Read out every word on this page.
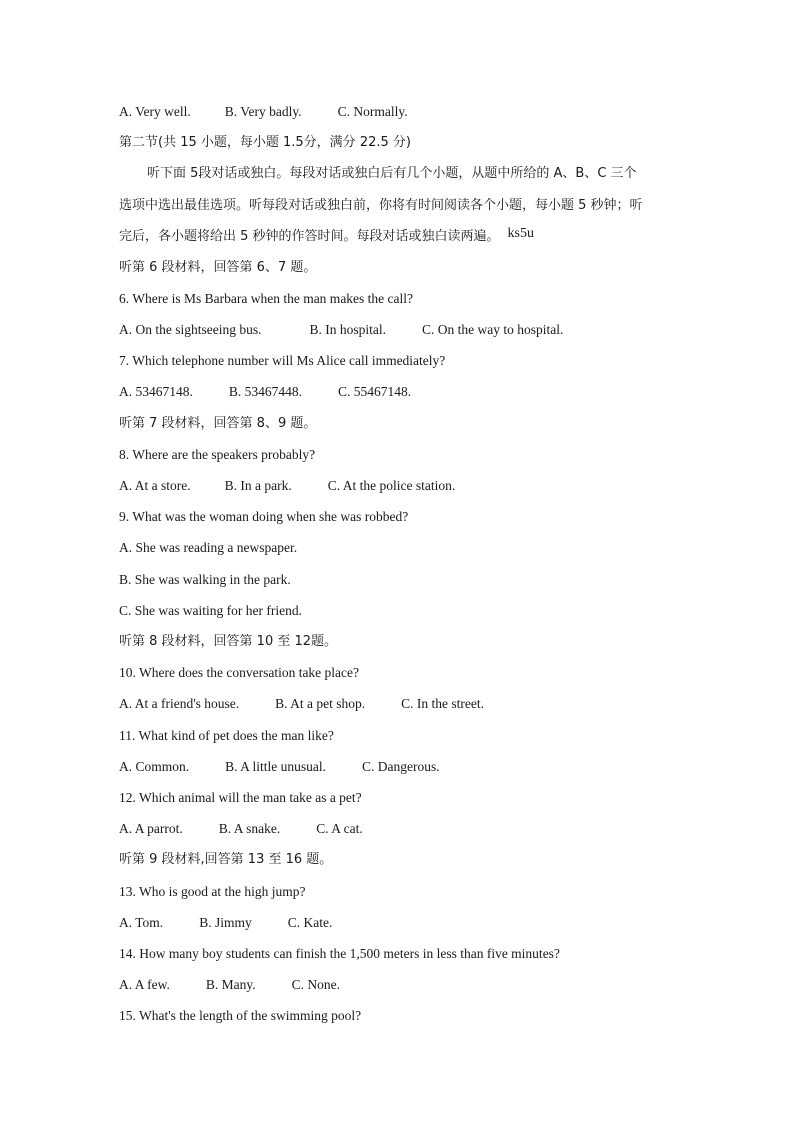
A. Very well.	B. Very badly.	C. Normally.
第二节(共 15 小题，每小题 1.5分，满分 22.5 分)
听下面 5段对话或独白。每段对话或独白后有几个小题，从题中所给的 A、B、C 三个
选项中选出最佳选项。听每段对话或独白前，你将有时间阅读各个小题，每小题 5 秒钟；听
完后，各小题将给出 5 秒钟的作答时间。每段对话或独白读两遍。 ks5u
听第 6 段材料，回答第 6、7 题。
6. Where is Ms Barbara when the man makes the call?
A. On the sightseeing bus.	B. In hospital.	C. On the way to hospital.
7. Which telephone number will Ms Alice call immediately?
A. 53467148.	B. 53467448.	C. 55467148.
听第 7 段材料，回答第 8、9 题。
8. Where are the speakers probably?
A. At a store.	B. In a park.	C. At the police station.
9. What was the woman doing when she was robbed?
A. She was reading a newspaper.
B. She was walking in the park.
C. She was waiting for her friend.
听第 8 段材料，回答第 10 至 12题。
10. Where does the conversation take place?
A. At a friend's house.	B. At a pet shop.	C. In the street.
11. What kind of pet does the man like?
A. Common.	B. A little unusual.	C. Dangerous.
12. Which animal will the man take as a pet?
A. A parrot.	B. A snake.	C. A cat.
听第 9 段材料,回答第 13 至 16 题。
13. Who is good at the high jump?
A. Tom.	B. Jimmy	C. Kate.
14. How many boy students can finish the 1,500 meters in less than five minutes?
A. A few.	B. Many.	C. None.
15. What's the length of the swimming pool?
